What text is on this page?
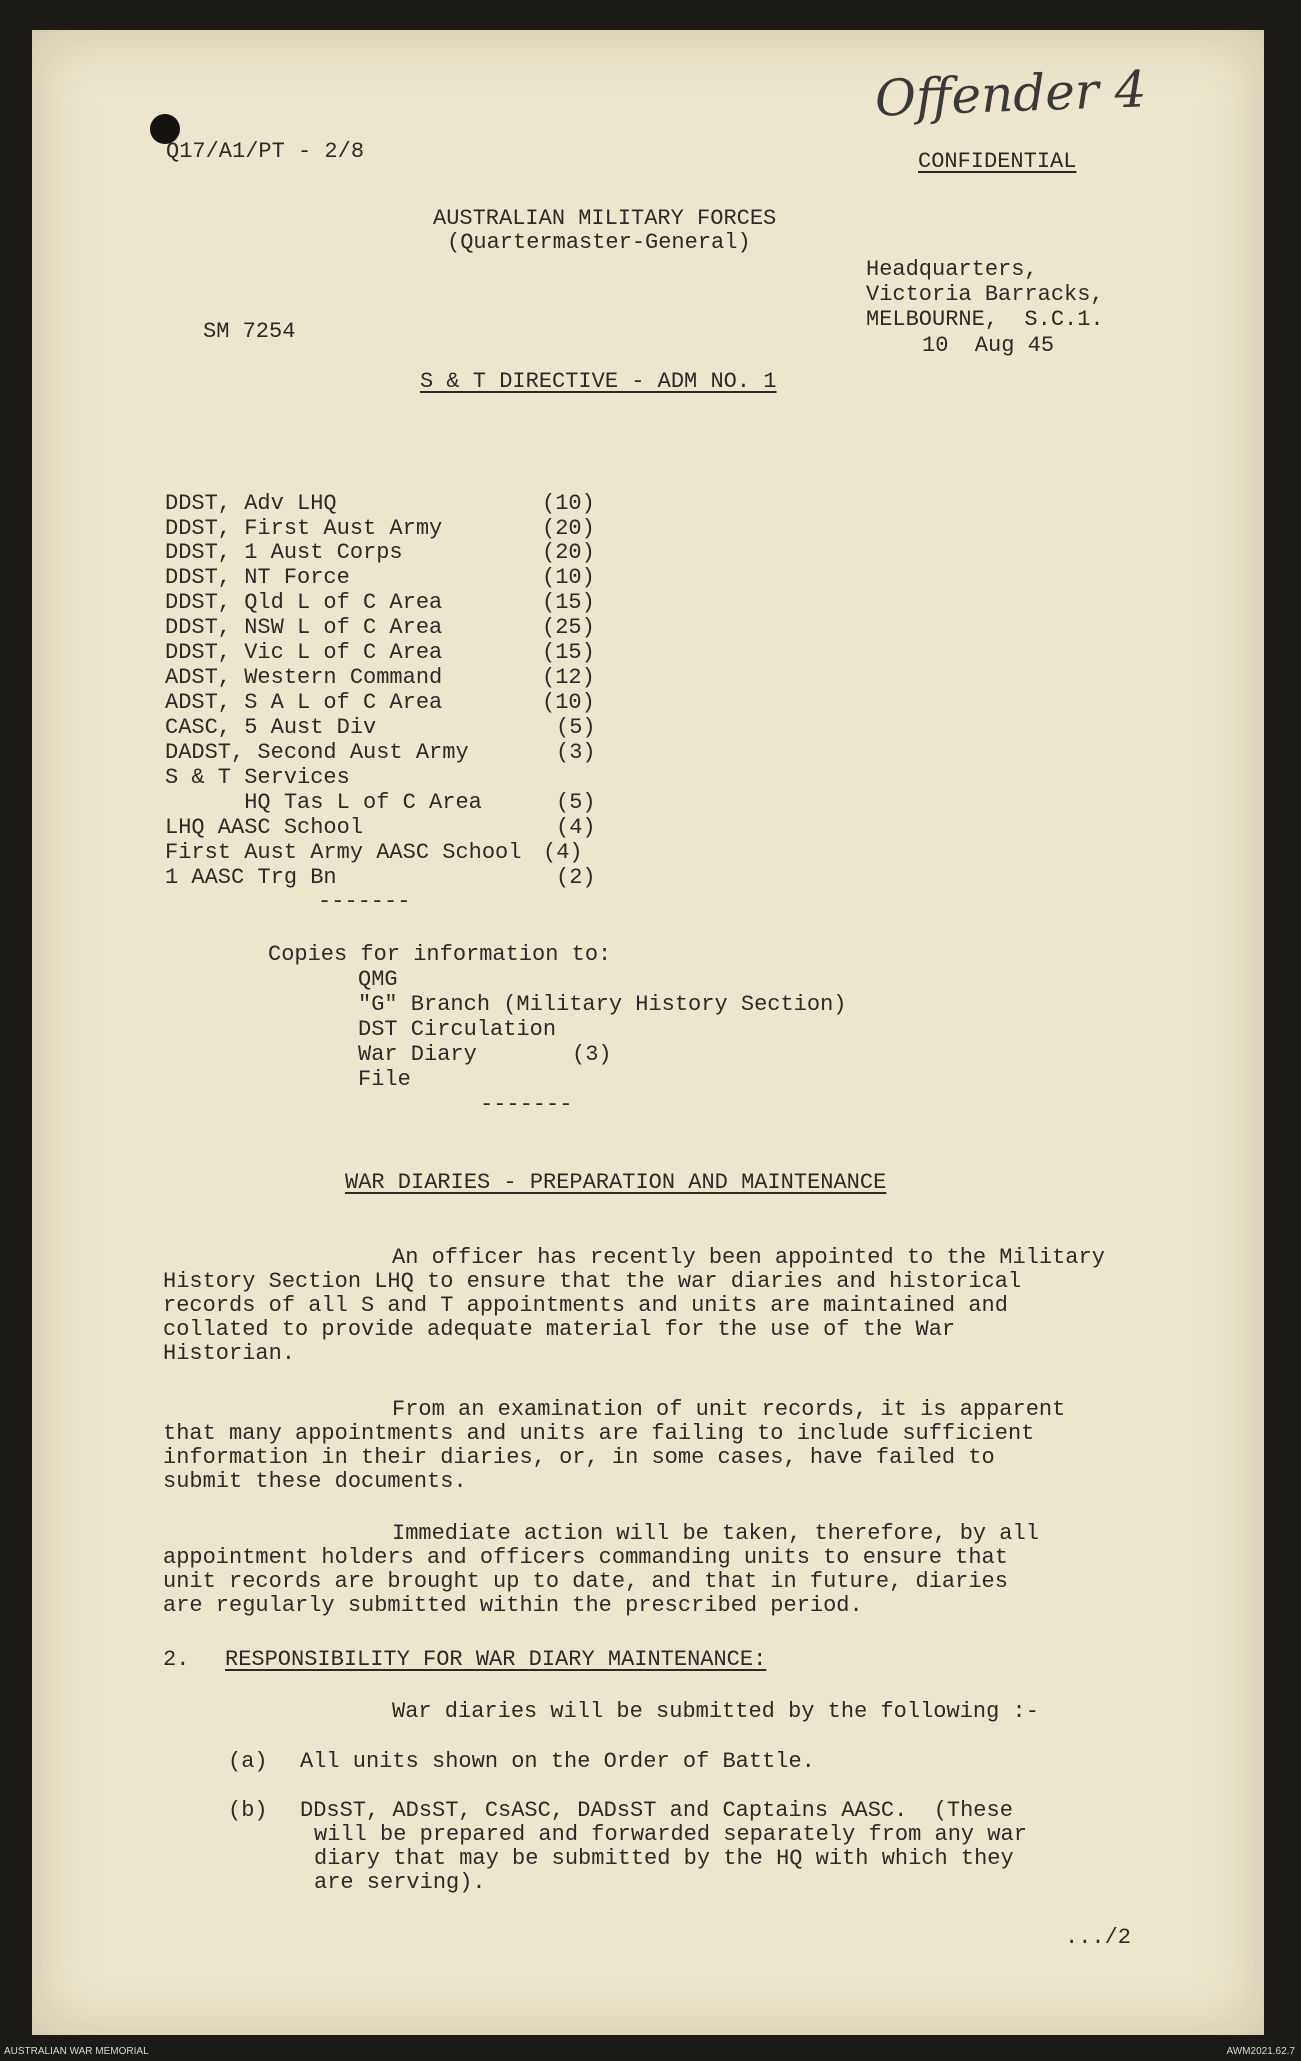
Offender 4

Q17/A1/PT - 2/8	CONFIDENTIAL

AUSTRALIAN MILITARY FORCES

(Quartermaster-General)

Headquarters,

Victoria Barracks,

MELBOURNE,  S.C.1.

10  Aug 45

SM 7254

S & T DIRECTIVE - ADM NO. 1

DDST, Adv LHQ	(10)

DDST, First Aust Army	(20)

DDST, 1 Aust Corps	(20)

DDST, NT Force	(10)

DDST, Qld L of C Area	(15)

DDST, NSW L of C Area	(25)

DDST, Vic L of C Area	(15)

ADST, Western Command	(12)

ADST, S A L of C Area	(10)

CASC, 5 Aust Div	(5)

DADST, Second Aust Army	(3)

S & T Services

HQ Tas L of C Area	(5)

LHQ AASC School	(4)

First Aust Army AASC School (4)

1 AASC Trg Bn	(2)

-------

Copies for information to:

QMG

"G" Branch (Military History Section)

DST Circulation

War Diary	(3)

File

-------

WAR DIARIES - PREPARATION AND MAINTENANCE

An officer has recently been appointed to the Military

History Section LHQ to ensure that the war diaries and historical

records of all S and T appointments and units are maintained and

collated to provide adequate material for the use of the War

Historian.

From an examination of unit records, it is apparent

that many appointments and units are failing to include sufficient

information in their diaries, or, in some cases, have failed to

submit these documents.

Immediate action will be taken, therefore, by all

appointment holders and officers commanding units to ensure that

unit records are brought up to date, and that in future, diaries

are regularly submitted within the prescribed period.

2. RESPONSIBILITY FOR WAR DIARY MAINTENANCE:

War diaries will be submitted by the following :-

(a) All units shown on the Order of Battle.

(b) DDsST, ADsST, CsASC, DADsST and Captains AASC.  (These

will be prepared and forwarded separately from any war

diary that may be submitted by the HQ with which they

are serving).

.../2

AUSTRALIAN WAR MEMORIAL	AWM2021.62.7
